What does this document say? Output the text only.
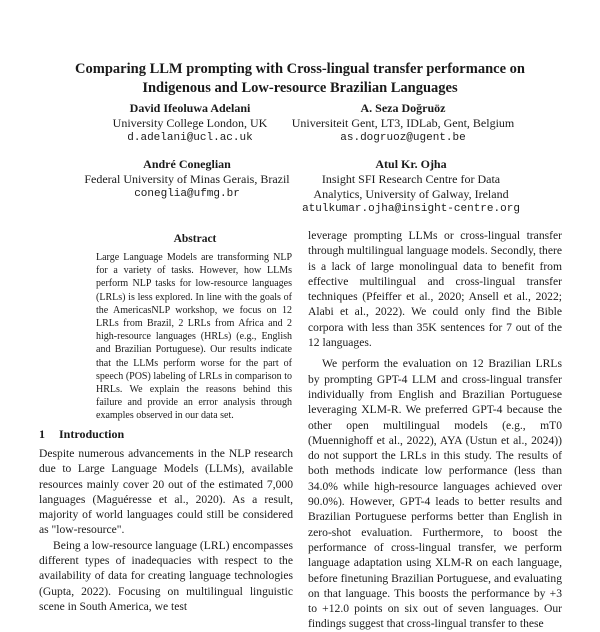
Comparing LLM prompting with Cross-lingual transfer performance on
Indigenous and Low-resource Brazilian Languages
David Ifeoluwa Adelani
University College London, UK
d.adelani@ucl.ac.uk
A. Seza Doğruöz
Universiteit Gent, LT3, IDLab, Gent, Belgium
as.dogruoz@ugent.be
André Coneglian
Federal University of Minas Gerais, Brazil
coneglia@ufmg.br
Atul Kr. Ojha
Insight SFI Research Centre for Data
Analytics, University of Galway, Ireland
atulkumar.ojha@insight-centre.org
Abstract
Large Language Models are transforming NLP for a variety of tasks. However, how LLMs perform NLP tasks for low-resource languages (LRLs) is less explored. In line with the goals of the AmericasNLP workshop, we focus on 12 LRLs from Brazil, 2 LRLs from Africa and 2 high-resource languages (HRLs) (e.g., English and Brazilian Portuguese). Our results indicate that the LLMs perform worse for the part of speech (POS) labeling of LRLs in comparison to HRLs. We explain the reasons behind this failure and provide an error analysis through examples observed in our data set.
1 Introduction

Despite numerous advancements in the NLP research due to Large Language Models (LLMs), available resources mainly cover 20 out of the estimated 7,000 languages (Maguéresse et al., 2020). As a result, majority of world languages could still be considered as "low-resource".

Being a low-resource language (LRL) encompasses different types of inadequacies with respect to the availability of data for creating language technologies (Gupta, 2022). Focusing on multilingual linguistic scene in South America, we test

leverage prompting LLMs or cross-lingual transfer through multilingual language models. Secondly, there is a lack of large monolingual data to benefit from effective multilingual and cross-lingual transfer techniques (Pfeiffer et al., 2020; Ansell et al., 2022; Alabi et al., 2022). We could only find the Bible corpora with less than 35K sentences for 7 out of the 12 languages.

We perform the evaluation on 12 Brazilian LRLs by prompting GPT-4 LLM and cross-lingual transfer individually from English and Brazilian Portuguese leveraging XLM-R. We preferred GPT-4 because the other open multilingual models (e.g., mT0 (Muennighoff et al., 2022), AYA (Ustun et al., 2024)) do not support the LRLs in this study. The results of both methods indicate low performance (less than 34.0% while high-resource languages achieved over 90.0%). However, GPT-4 leads to better results and Brazilian Portuguese performs better than English in zero-shot evaluation. Furthermore, to boost the performance of cross-lingual transfer, we perform language adaptation using XLM-R on each language, before finetuning Brazilian Portuguese, and evaluating on that language. This boosts the performance by +3 to +12.0 points on six out of seven languages. Our findings suggest that cross-lingual transfer to these
